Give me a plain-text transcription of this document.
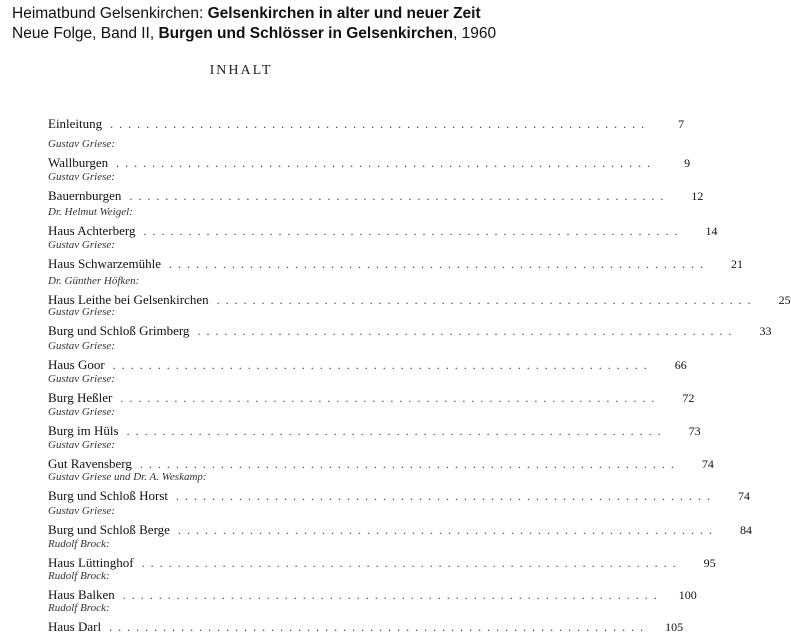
Heimatbund Gelsenkirchen: Gelsenkirchen in alter und neuer Zeit
Neue Folge, Band II, Burgen und Schlösser in Gelsenkirchen, 1960
INHALT
Einleitung ............................................................	7
Gustav Griese:
Wallburgen ............................................................	9
Gustav Griese:
Bauernburgen ............................................................	12
Dr. Helmut Weigel:
Haus Achterberg ............................................................	14
Gustav Griese:
Haus Schwarzemühle ............................................................	21
Dr. Günther Höfken:
Haus Leithe bei Gelsenkirchen ............................................................	25
Gustav Griese:
Burg und Schloß Grimberg ............................................................	33
Gustav Griese:
Haus Goor ............................................................	66
Gustav Griese:
Burg Heßler ............................................................	72
Gustav Griese:
Burg im Hüls ............................................................	73
Gustav Griese:
Gut Ravensberg ............................................................	74
Gustav Griese und Dr. A. Weskamp:
Burg und Schloß Horst ............................................................	74
Gustav Griese:
Burg und Schloß Berge ............................................................	84
Rudolf Brock:
Haus Lüttinghof ............................................................	95
Rudolf Brock:
Haus Balken ............................................................	100
Rudolf Brock:
Haus Darl ............................................................	105
